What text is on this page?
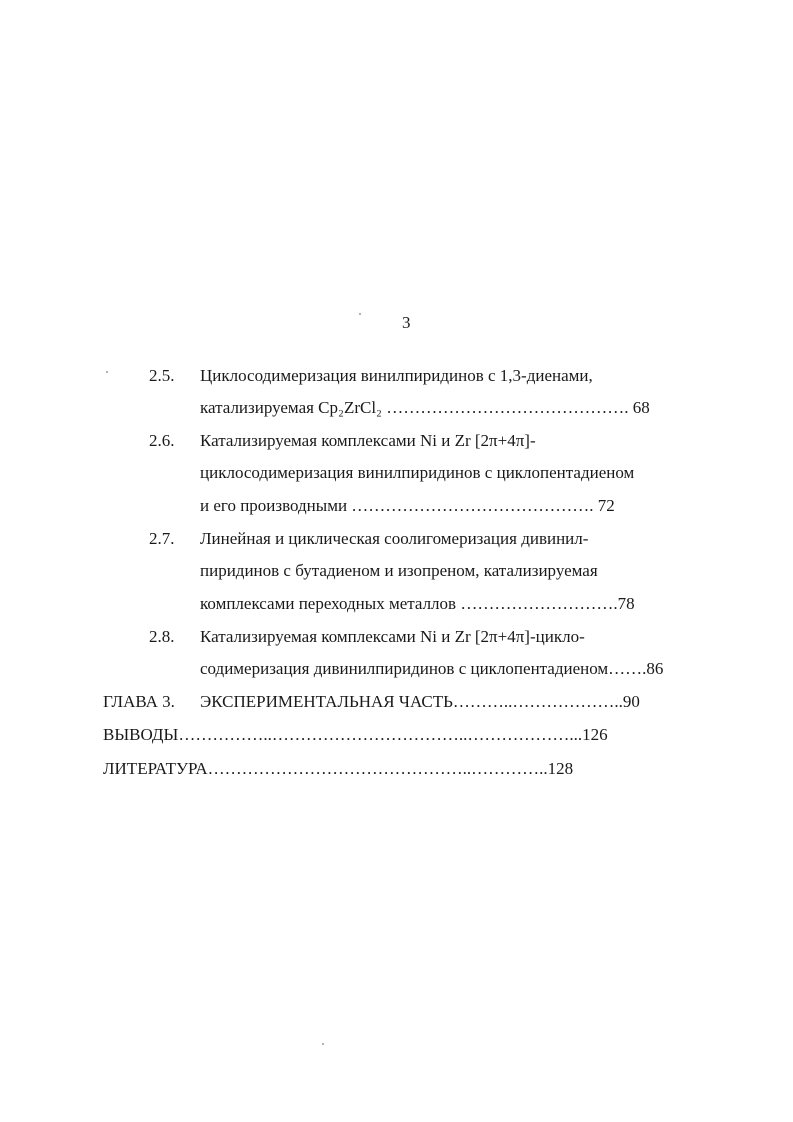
3
2.5. Циклосодимеризация винилпиридинов с 1,3-диенами,
катализируемая Cp₂ZrCl₂ ……………………………………. 68
2.6. Катализируемая комплексами Ni и Zr [2π+4π]-
циклосодимеризация винилпиридинов с циклопентадиеном
и его производными ……………………………………. 72
2.7. Линейная и циклическая соолигомеризация дивинил-
пиридинов с бутадиеном и изопреном, катализируемая
комплексами переходных металлов ……………………….78
2.8. Катализируемая комплексами Ni и Zr [2π+4π]-цикло-
содимеризация дивинилпиридинов с циклопентадиеном…….86
ГЛАВА 3. ЭКСПЕРИМЕНТАЛЬНАЯ ЧАСТЬ………..………………..90
ВЫВОДЫ……………..……………………………..………………...126
ЛИТЕРАТУРА………………………………………..…………..128
